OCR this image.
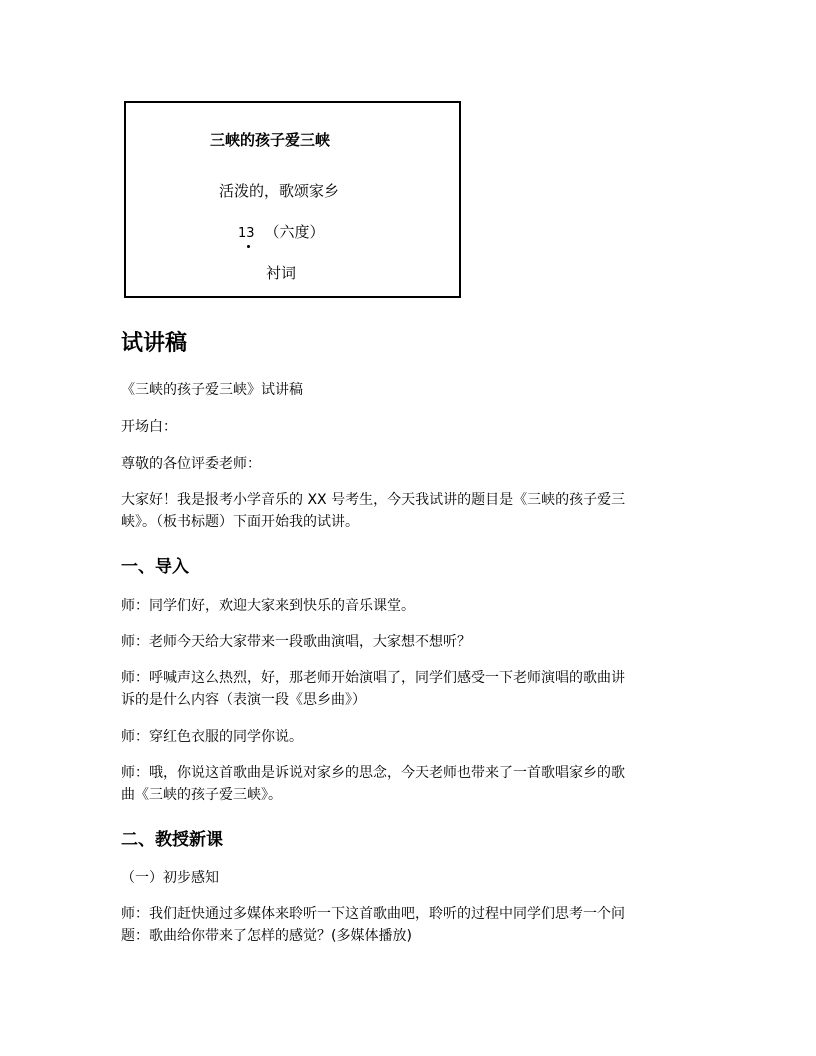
三峡的孩子爱三峡
活泼的，歌颂家乡
13 （六度）
衬词
试讲稿
《三峡的孩子爱三峡》试讲稿
开场白：
尊敬的各位评委老师：
大家好！我是报考小学音乐的 XX 号考生，今天我试讲的题目是《三峡的孩子爱三
峡》。（板书标题）下面开始我的试讲。
一、导入
师：同学们好，欢迎大家来到快乐的音乐课堂。
师：老师今天给大家带来一段歌曲演唱，大家想不想听？
师：呼喊声这么热烈，好，那老师开始演唱了，同学们感受一下老师演唱的歌曲讲
诉的是什么内容（表演一段《思乡曲》）
师：穿红色衣服的同学你说。
师：哦，你说这首歌曲是诉说对家乡的思念，今天老师也带来了一首歌唱家乡的歌
曲《三峡的孩子爱三峡》。
二、教授新课
（一）初步感知
师：我们赶快通过多媒体来聆听一下这首歌曲吧，聆听的过程中同学们思考一个问
题：歌曲给你带来了怎样的感觉？(多媒体播放)
